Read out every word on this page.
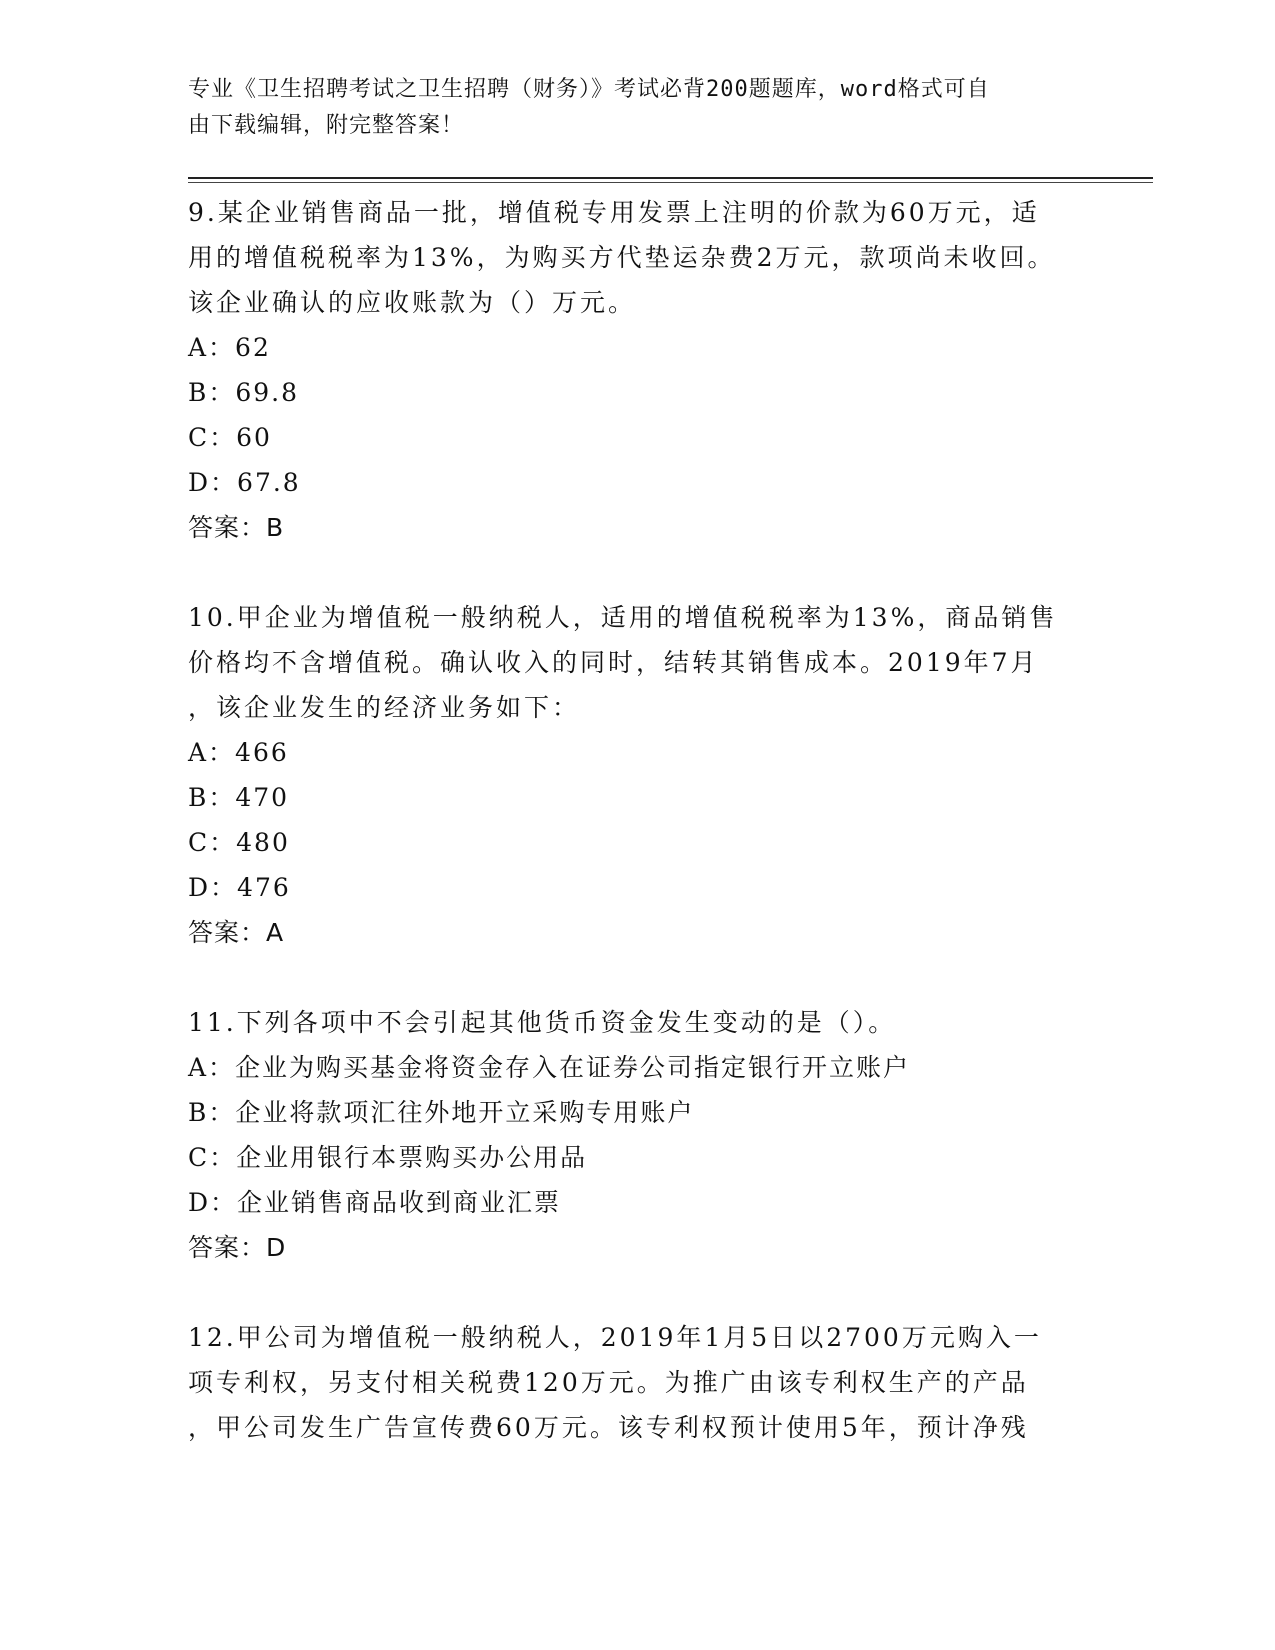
专业《卫生招聘考试之卫生招聘（财务）》考试必背200题题库，word格式可自
由下载编辑，附完整答案！

9.某企业销售商品一批，增值税专用发票上注明的价款为60万元，适

用的增值税税率为13%，为购买方代垫运杂费2万元，款项尚未收回。

该企业确认的应收账款为（）万元。

A：62

B：69.8

C：60

D：67.8

答案：B

10.甲企业为增值税一般纳税人，适用的增值税税率为13%，商品销售

价格均不含增值税。确认收入的同时，结转其销售成本。2019年7月

，该企业发生的经济业务如下：

A：466

B：470

C：480

D：476

答案：A

11.下列各项中不会引起其他货币资金发生变动的是（）。

A：企业为购买基金将资金存入在证券公司指定银行开立账户

B：企业将款项汇往外地开立采购专用账户

C：企业用银行本票购买办公用品

D：企业销售商品收到商业汇票

答案：D

12.甲公司为增值税一般纳税人，2019年1月5日以2700万元购入一

项专利权，另支付相关税费120万元。为推广由该专利权生产的产品

，甲公司发生广告宣传费60万元。该专利权预计使用5年，预计净残
